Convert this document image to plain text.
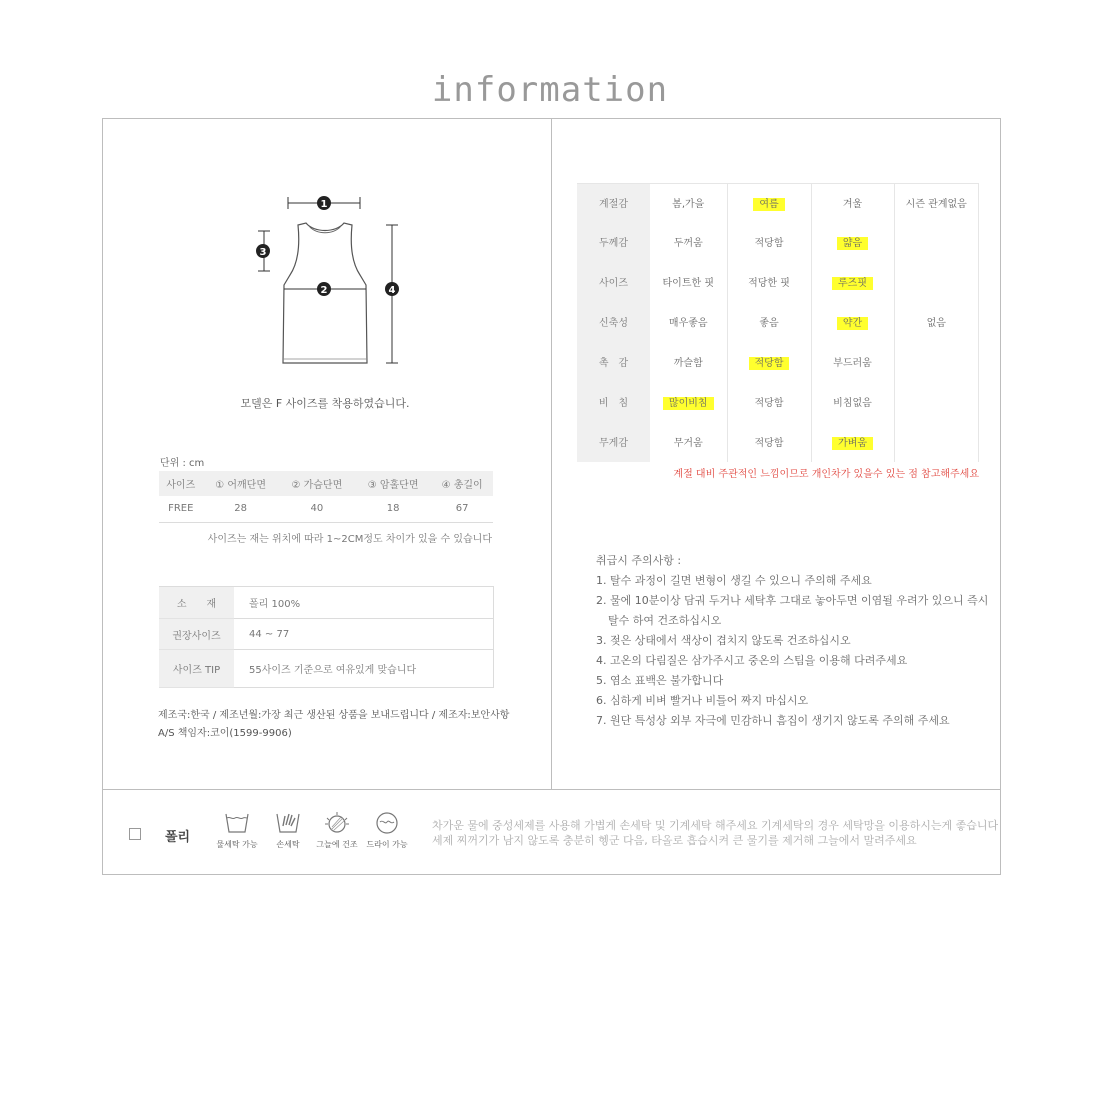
information
1
2
3
4
모델은 F 사이즈를 착용하였습니다.
단위 : cm
사이즈	① 어깨단면	② 가슴단면	③ 암홀단면	④ 총길이
FREE	28	40	18	67
사이즈는 재는 위치에 따라 1~2CM정도 차이가 있을 수 있습니다
소　　재	폴리 100%
권장사이즈	44 ~ 77
사이즈 TIP	55사이즈 기준으로 여유있게 맞습니다
제조국:한국 / 제조년월:가장 최근 생산된 상품을 보내드립니다 / 제조자:보안사항
A/S 책임자:코이(1599-9906)
계절감	봄,가을	여름	겨울	시즌 관계없음
두께감	두꺼움	적당함	얇음	
사이즈	타이트한 핏	적당한 핏	루즈핏	
신축성	매우좋음	좋음	약간	없음
촉　감	까슬함	적당함	부드러움	
비　침	많이비침	적당함	비침없음	
무게감	무거움	적당함	가벼움	
계절 대비 주관적인 느낌이므로 개인차가 있을수 있는 점 참고해주세요
취급시 주의사항 :
1. 탈수 과정이 길면 변형이 생길 수 있으니 주의해 주세요
2. 물에 10분이상 담궈 두거나 세탁후 그대로 놓아두면 이염될 우려가 있으니 즉시
탈수 하여 건조하십시오
3. 젖은 상태에서 색상이 겹치지 않도록 건조하십시오
4. 고온의 다림질은 삼가주시고 중온의 스팀을 이용해 다려주세요
5. 염소 표백은 불가합니다
6. 심하게 비벼 빨거나 비틀어 짜지 마십시오
7. 원단 특성상 외부 자극에 민감하니 흠집이 생기지 않도록 주의해 주세요
폴리	물세탁 가능	손세탁	그늘에 건조	드라이 가능
차가운 물에 중성세제를 사용해 가볍게 손세탁 및 기계세탁 해주세요 기계세탁의 경우 세탁망을 이용하시는게 좋습니다
세제 찌꺼기가 남지 않도록 충분히 헹군 다음, 타올로 흡습시켜 큰 물기를 제거해 그늘에서 말려주세요
